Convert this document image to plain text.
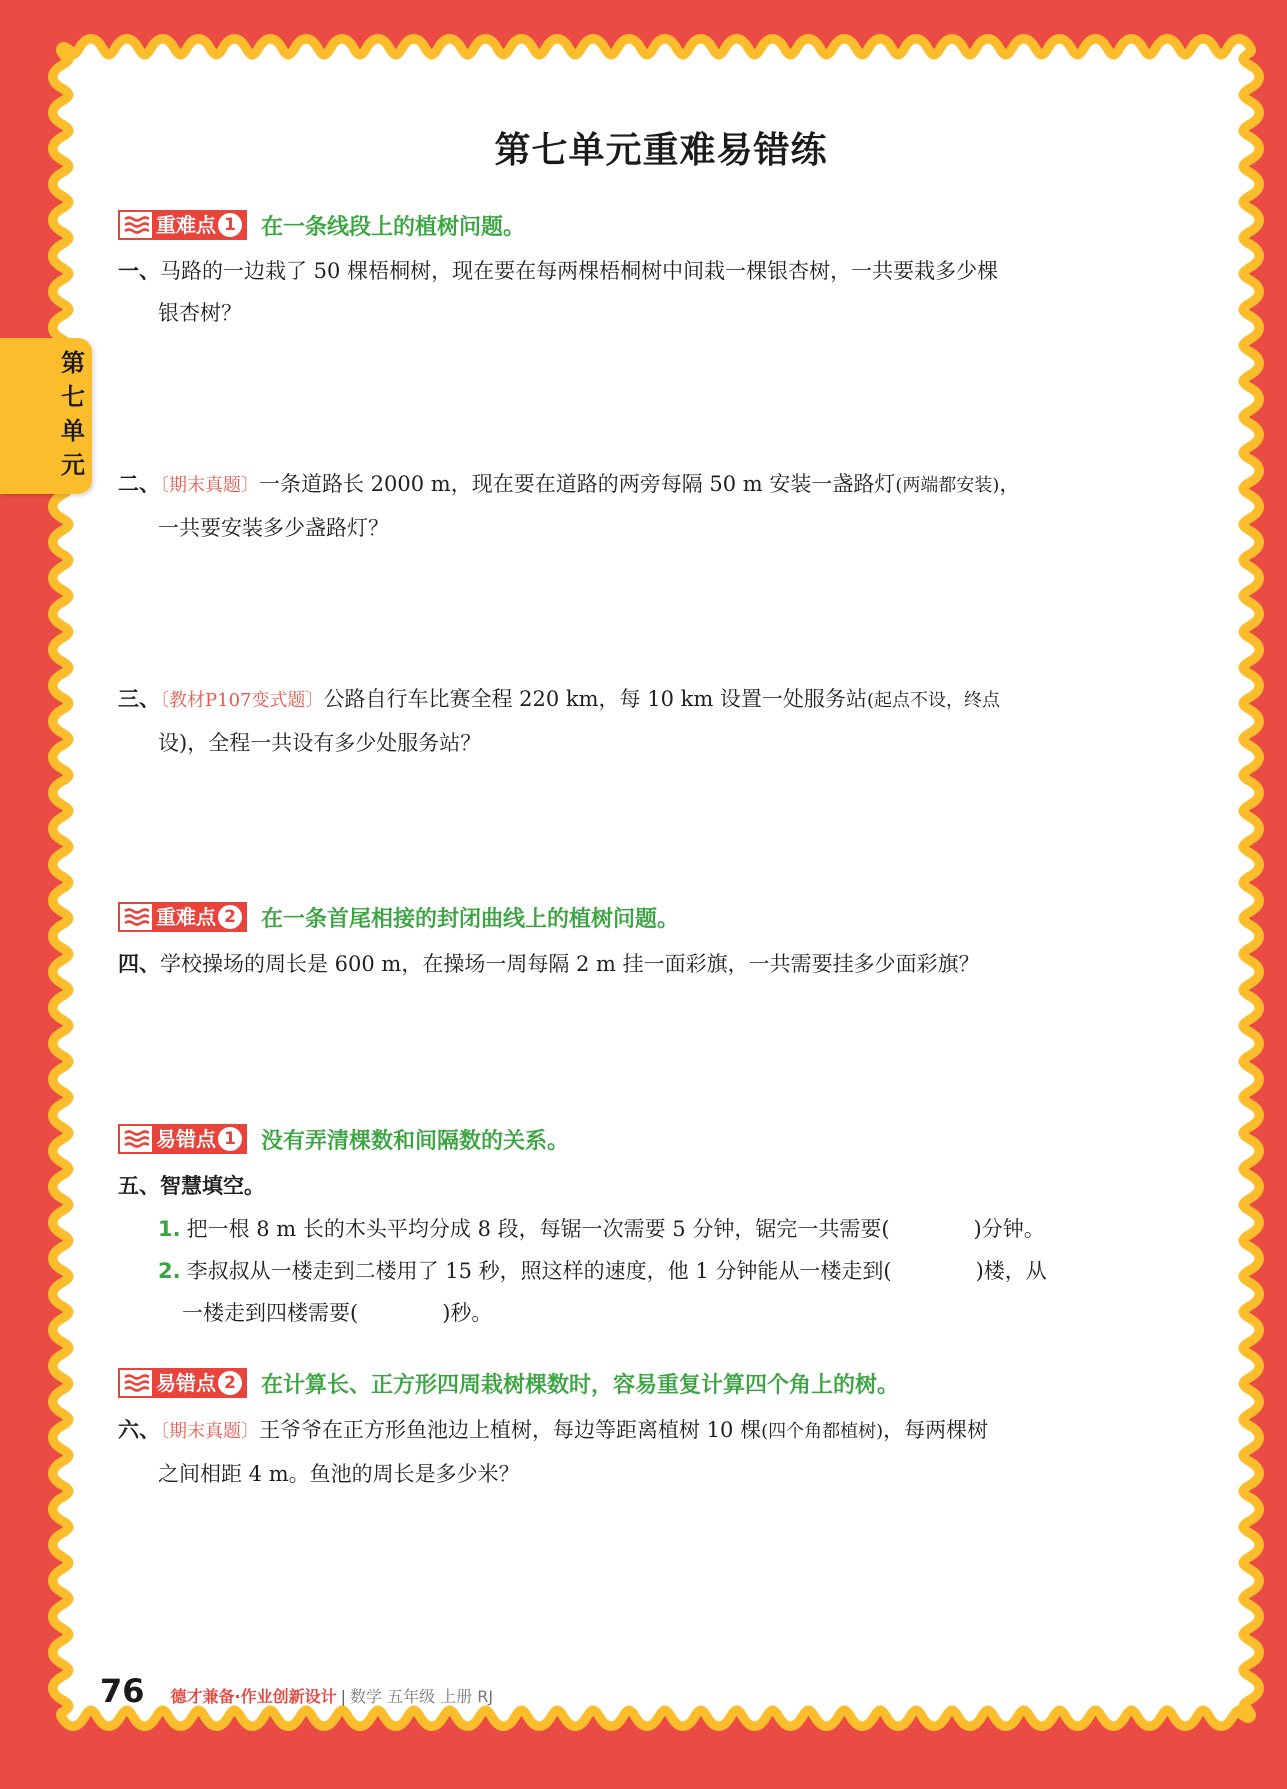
第七单元重难易错练
重难点 1 在一条线段上的植树问题。
一、马路的一边栽了 50 棵梧桐树，现在要在每两棵梧桐树中间栽一棵银杏树，一共要栽多少棵
银杏树？
二、〔期末真题〕一条道路长 2000 m，现在要在道路的两旁每隔 50 m 安装一盏路灯(两端都安装)，
一共要安装多少盏路灯？
三、〔教材P107变式题〕公路自行车比赛全程 220 km，每 10 km 设置一处服务站(起点不设，终点
设)，全程一共设有多少处服务站？
重难点 2 在一条首尾相接的封闭曲线上的植树问题。
四、学校操场的周长是 600 m，在操场一周每隔 2 m 挂一面彩旗，一共需要挂多少面彩旗？
易错点 1 没有弄清棵数和间隔数的关系。
五、智慧填空。
1. 把一根 8 m 长的木头平均分成 8 段，每锯一次需要 5 分钟，锯完一共需要(	)分钟。
2. 李叔叔从一楼走到二楼用了 15 秒，照这样的速度，他 1 分钟能从一楼走到(	)楼，从
一楼走到四楼需要(	)秒。
易错点 2 在计算长、正方形四周栽树棵数时，容易重复计算四个角上的树。
六、〔期末真题〕王爷爷在正方形鱼池边上植树，每边等距离植树 10 棵(四个角都植树)，每两棵树
之间相距 4 m。鱼池的周长是多少米？
76 德才兼备·作业创新设计 | 数学 五年级 上册 RJ
第七单元
